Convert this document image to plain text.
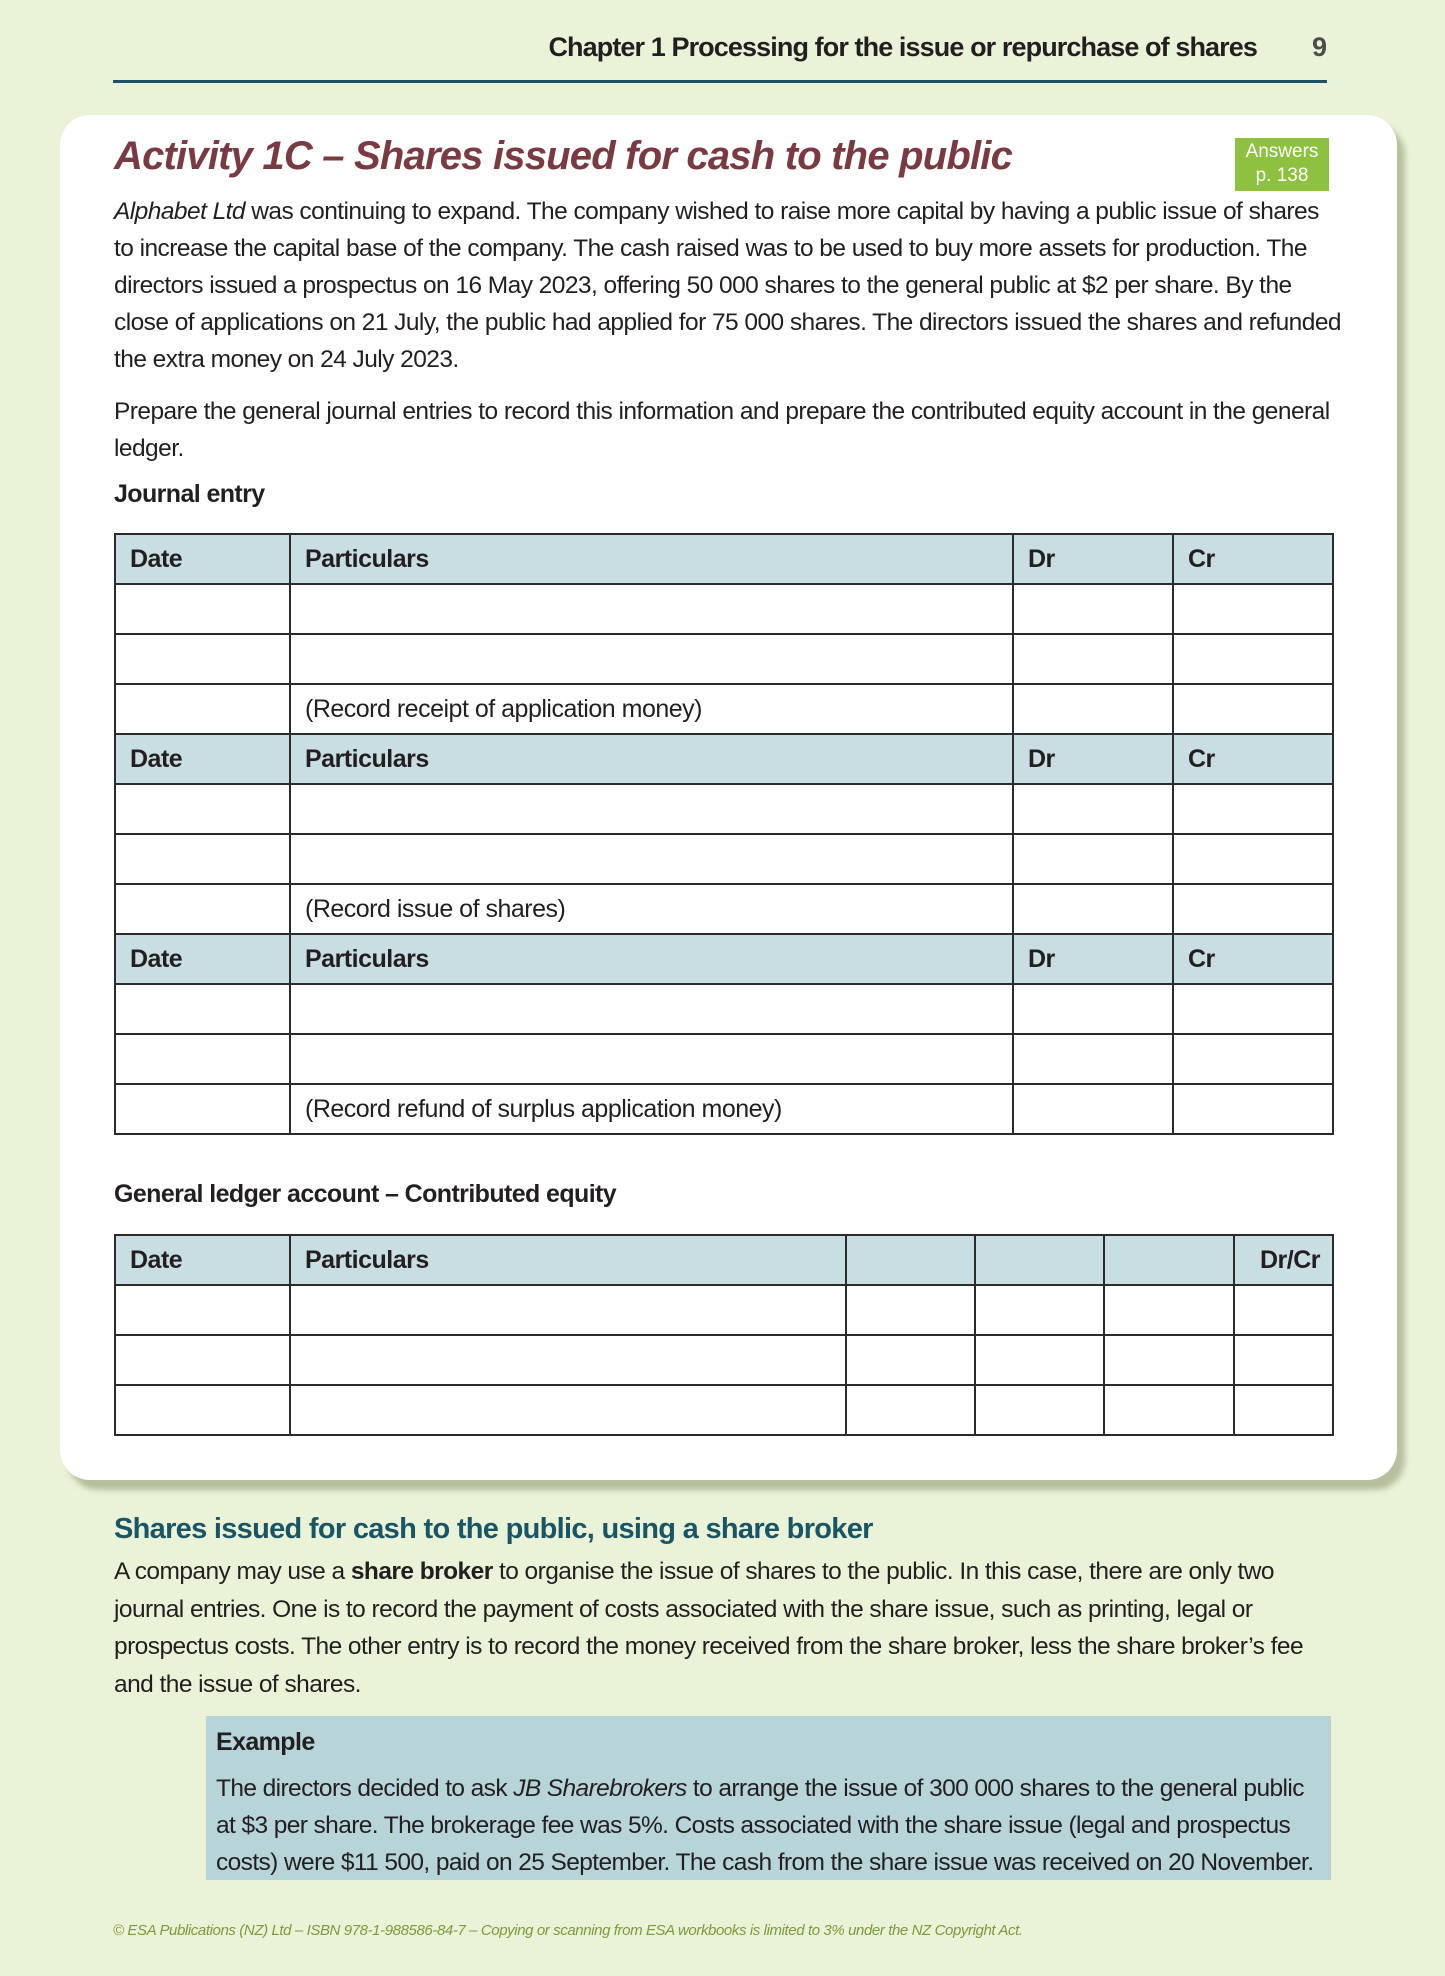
Chapter 1 Processing for the issue or repurchase of shares 9
Activity 1C – Shares issued for cash to the public	Answers
p. 138
Alphabet Ltd was continuing to expand. The company wished to raise more capital by having a public issue of shares to increase the capital base of the company. The cash raised was to be used to buy more assets for production. The directors issued a prospectus on 16 May 2023, offering 50 000 shares to the general public at $2 per share. By the close of applications on 21 July, the public had applied for 75 000 shares. The directors issued the shares and refunded the extra money on 24 July 2023.
Prepare the general journal entries to record this information and prepare the contributed equity account in the general ledger.
Journal entry
Date	Particulars	Dr	Cr

	(Record receipt of application money)		
Date	Particulars	Dr	Cr

	(Record issue of shares)		
Date	Particulars	Dr	Cr

	(Record refund of surplus application money)		
General ledger account – Contributed equity
Date	Particulars				Dr/Cr

Shares issued for cash to the public, using a share broker
A company may use a share broker to organise the issue of shares to the public. In this case, there are only two journal entries. One is to record the payment of costs associated with the share issue, such as printing, legal or prospectus costs. The other entry is to record the money received from the share broker, less the share broker’s fee and the issue of shares.
Example
The directors decided to ask JB Sharebrokers to arrange the issue of 300 000 shares to the general public at $3 per share. The brokerage fee was 5%. Costs associated with the share issue (legal and prospectus costs) were $11 500, paid on 25 September. The cash from the share issue was received on 20 November.
© ESA Publications (NZ) Ltd – ISBN 978-1-988586-84-7 – Copying or scanning from ESA workbooks is limited to 3% under the NZ Copyright Act.
